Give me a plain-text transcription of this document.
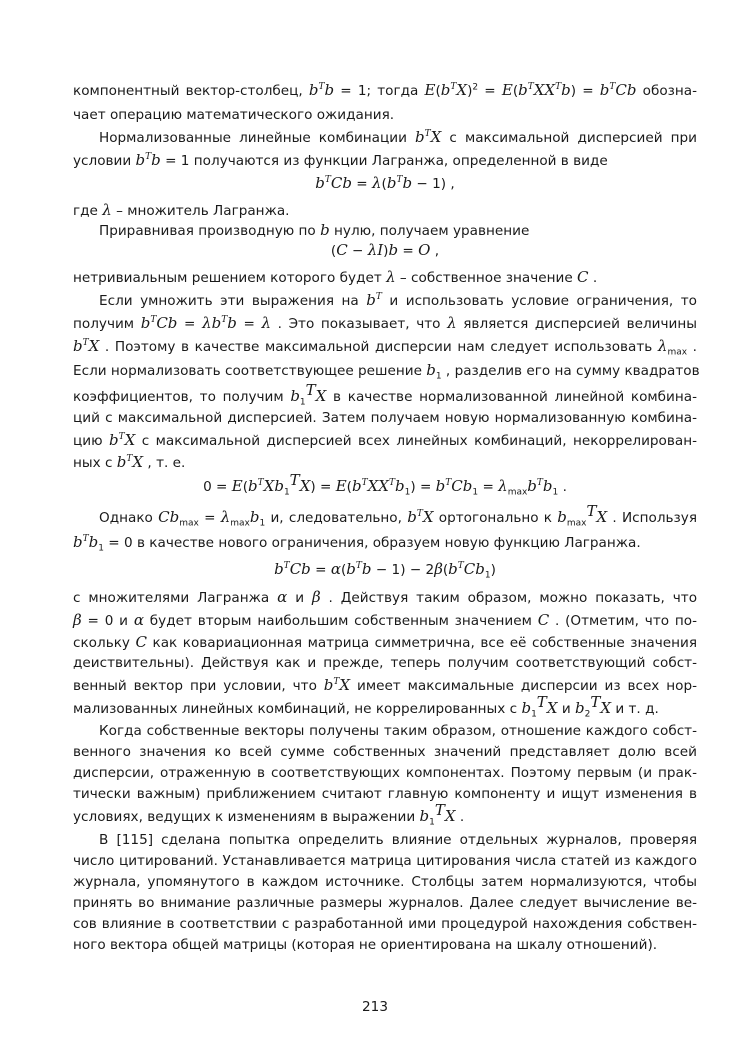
компонентный вектор-столбец, $b^Tb = 1$; тогда $E(b^TX)^2 = E(b^TXX^Tb) = b^TCb$ обозна-
чает операцию математического ожидания.
Нормализованные линейные комбинации $b^TX$ с максимальной дисперсией при
условии $b^Tb = 1$ получаются из функции Лагранжа, определенной в виде
$b^TCb = \lambda(b^Tb - 1)$ ,
где λ – множитель Лагранжа.
Приравнивая производную по b нулю, получаем уравнение
(C − λI)b = O ,
нетривиальным решением которого будет λ – собственное значение C .
Если умножить эти выражения на $b^T$ и использовать условие ограничения, то
получим $b^TCb = \lambda b^Tb = \lambda$ . Это показывает, что λ является дисперсией величины
$b^TX$ . Поэтому в качестве максимальной дисперсии нам следует использовать $\lambda_{max}$ .
Если нормализовать соответствующее решение $b_1$ , разделив его на сумму квадратов
коэффициентов, то получим $b_1^TX$ в качестве нормализованной линейной комбина-
ций с максимальной дисперсией. Затем получаем новую нормализованную комбина-
цию $b^TX$ с максимальной дисперсией всех линейных комбинаций, некоррелирован-
ных с $b^TX$ , т. е.
$0 = E(b^TXb_1^TX) = E(b^TXX^Tb_1) = b^TCb_1 = \lambda_{max}b^Tb_1$ .
Однако $Cb_{max} = \lambda_{max}b_1$ и, следовательно, $b^TX$ ортогонально к $b_{max}^TX$ . Используя
$b^Tb_1 = 0$ в качестве нового ограничения, образуем новую функцию Лагранжа.
$b^TCb = \alpha(b^Tb - 1) - 2\beta(b^TCb_1)$
с множителями Лагранжа α и β . Действуя таким образом, можно показать, что
β = 0 и α будет вторым наибольшим собственным значением C . (Отметим, что по-
скольку C как ковариационная матрица симметрична, все её собственные значения
деиствительны). Действуя как и прежде, теперь получим соответствующий собст-
венный вектор при условии, что $b^TX$ имеет максимальные дисперсии из всех нор-
мализованных линейных комбинаций, не коррелированных с $b_1^TX$ и $b_2^TX$ и т. д.
Когда собственные векторы получены таким образом, отношение каждого собст-
венного значения ко всей сумме собственных значений представляет долю всей
дисперсии, отраженную в соответствующих компонентах. Поэтому первым (и прак-
тически важным) приближением считают главную компоненту и ищут изменения в
условиях, ведущих к изменениям в выражении $b_1^TX$ .
В [115] сделана попытка определить влияние отдельных журналов, проверяя
число цитирований. Устанавливается матрица цитирования числа статей из каждого
журнала, упомянутого в каждом источнике. Столбцы затем нормализуются, чтобы
принять во внимание различные размеры журналов. Далее следует вычисление ве-
сов влияние в соответствии с разработанной ими процедурой нахождения собствен-
ного вектора общей матрицы (которая не ориентирована на шкалу отношений).
213
